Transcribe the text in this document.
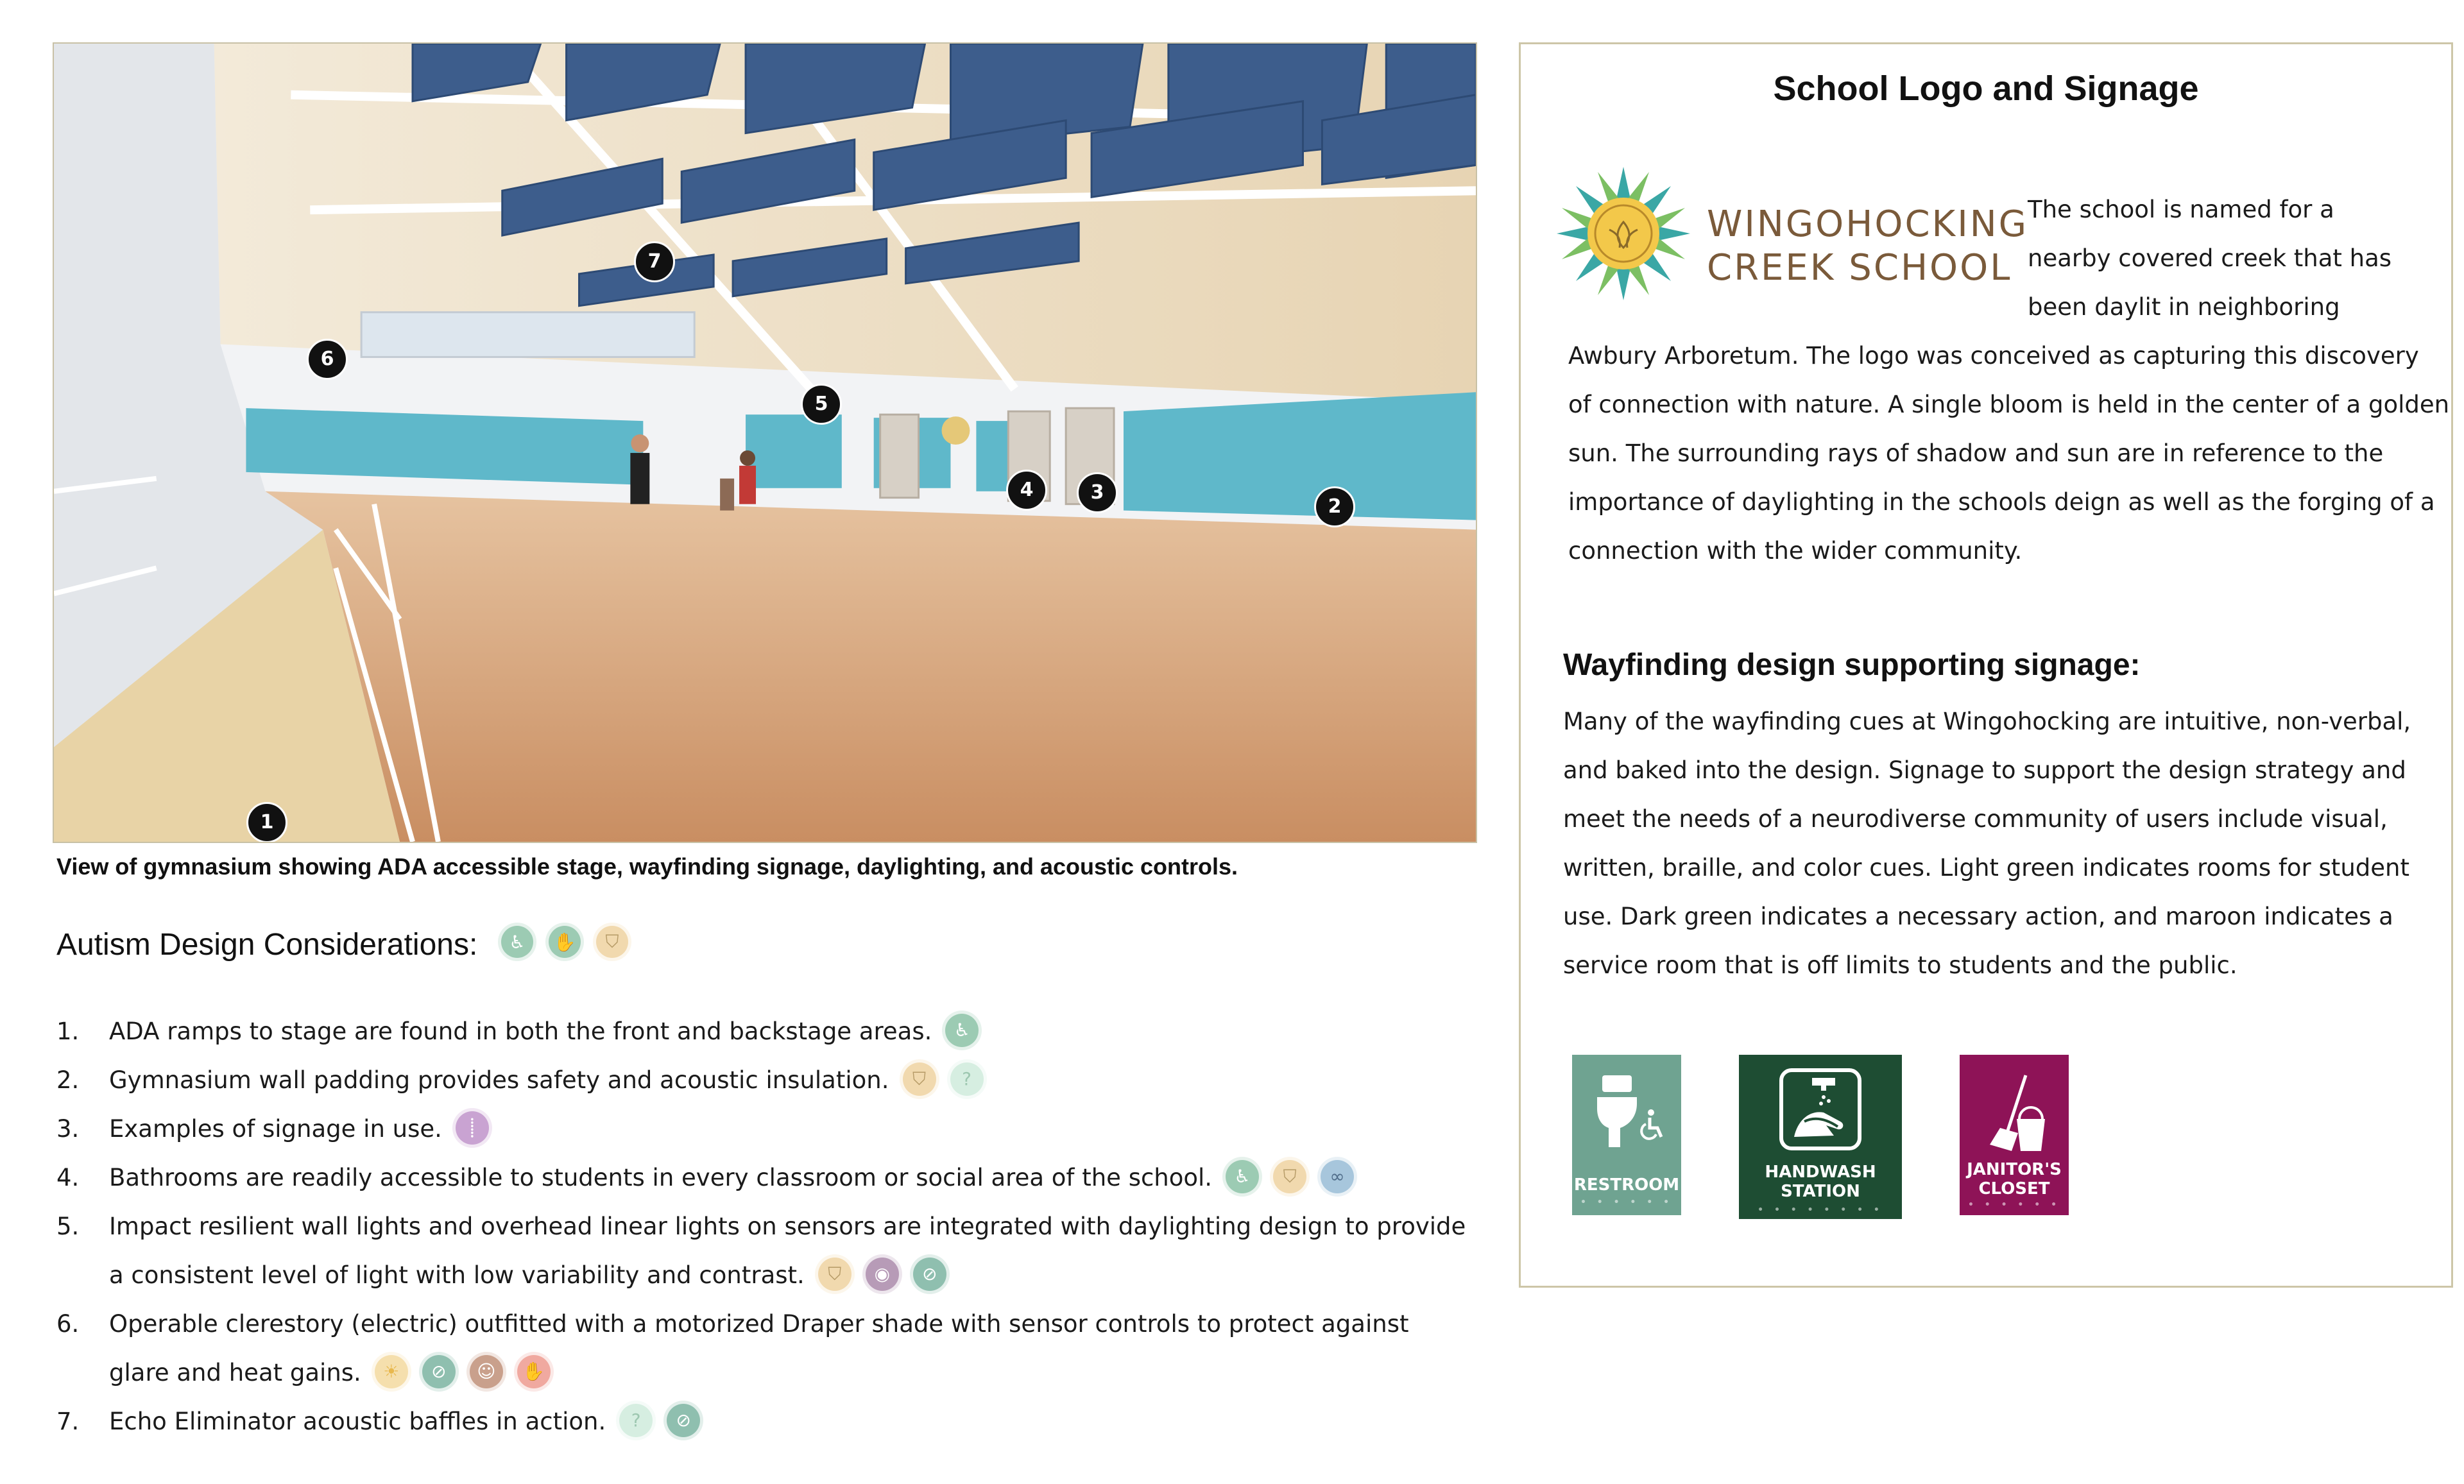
1
2
3
4
5
6
7
View of gymnasium showing ADA accessible stage, wayfinding signage, daylighting, and acoustic controls.
Autism Design Considerations:	♿	✋	⛉
1. ADA ramps to stage are found in both the front and backstage areas.	♿
2. Gymnasium wall padding provides safety and acoustic insulation.	⛉	?
3. Examples of signage in use.	⸽
4. Bathrooms are readily accessible to students in every classroom or social area of the school.	♿	⛉	∞
5. Impact resilient wall lights and overhead linear lights on sensors are integrated with daylighting design to provide
a consistent level of light with low variability and contrast.	⛉	◉	⊘
6. Operable clerestory (electric) outfitted with a motorized Draper shade with sensor controls to protect against
glare and heat gains.	☀	⊘	☺	✋
7. Echo Eliminator acoustic baffles in action.	?	⊘
School Logo and Signage
WINGOHOCKING
CREEK SCHOOL
The school is named for a
nearby covered creek that has
been daylit in neighboring
Awbury Arboretum. The logo was conceived as capturing this discovery
of connection with nature. A single bloom is held in the center of a golden
sun. The surrounding rays of shadow and sun are in reference to the
importance of daylighting in the schools deign as well as the forging of a
connection with the wider community.
Wayfinding design supporting signage:
Many of the wayfinding cues at Wingohocking are intuitive, non-verbal,
and baked into the design. Signage to support the design strategy and
meet the needs of a neurodiverse community of users include visual,
written, braille, and color cues. Light green indicates rooms for student
use. Dark green indicates a necessary action, and maroon indicates a
service room that is off limits to students and the public.
RESTROOM
• • • • • •
HANDWASH
STATION
• • • • • • • •
JANITOR'S
CLOSET
• • • • • •
